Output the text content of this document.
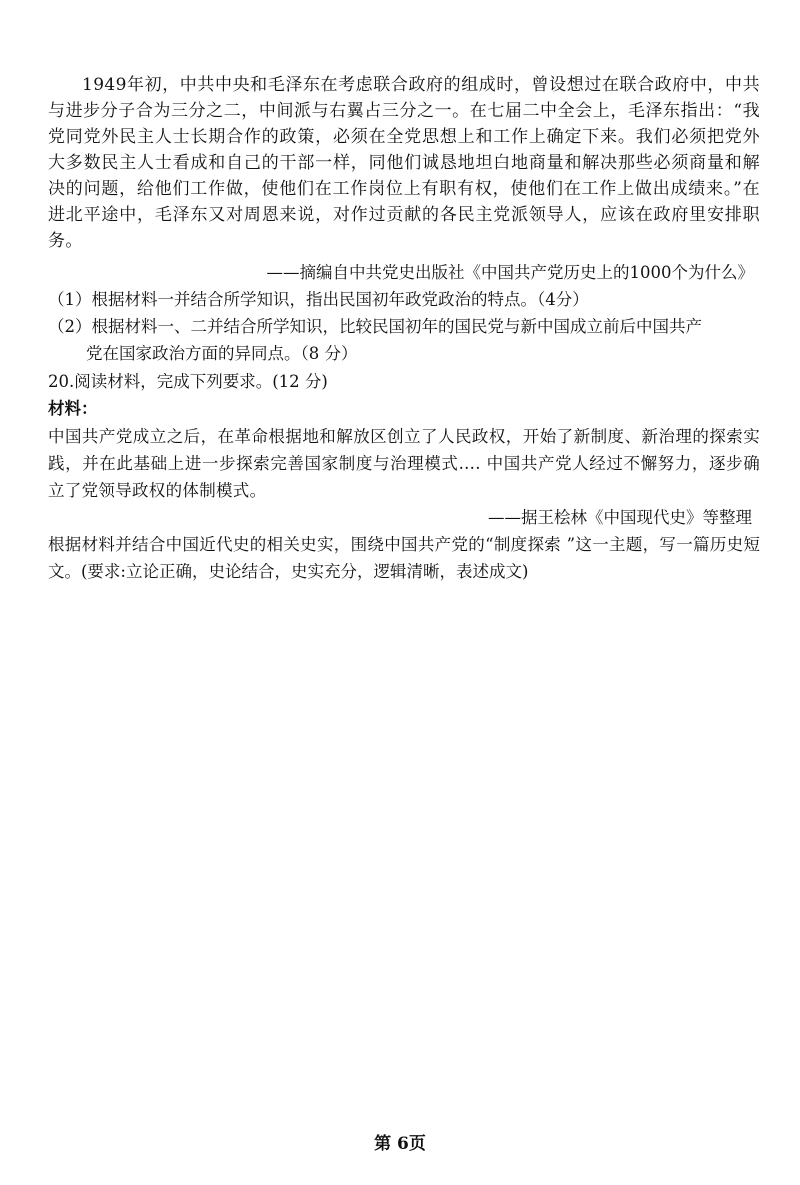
1949年初，中共中央和毛泽东在考虑联合政府的组成时，曾设想过在联合政府中，中共与进步分子合为三分之二，中间派与右翼占三分之一。在七届二中全会上，毛泽东指出：“我党同党外民主人士长期合作的政策，必须在全党思想上和工作上确定下来。我们必须把党外大多数民主人士看成和自己的干部一样，同他们诚恳地坦白地商量和解决那些必须商量和解决的问题，给他们工作做，使他们在工作岗位上有职有权，使他们在工作上做出成绩来。”在进北平途中，毛泽东又对周恩来说，对作过贡献的各民主党派领导人，应该在政府里安排职务。
——摘编自中共党史出版社《中国共产党历史上的1000个为什么》
（1）根据材料一并结合所学知识，指出民国初年政党政治的特点。（4分）
（2）根据材料一、二并结合所学知识，比较民国初年的国民党与新中国成立前后中国共产
党在国家政治方面的异同点。（8 分）
20.阅读材料，完成下列要求。(12 分)
材料：
中国共产党成立之后，在革命根据地和解放区创立了人民政权，开始了新制度、新治理的探索实践，并在此基础上进一步探索完善国家制度与治理模式…. 中国共产党人经过不懈努力，逐步确立了党领导政权的体制模式。
——据王桧林《中国现代史》等整理
根据材料并结合中国近代史的相关史实，围绕中国共产党的“制度探索 ”这一主题，写一篇历史短文。(要求:立论正确，史论结合，史实充分，逻辑清晰，表述成文)
第 6页
